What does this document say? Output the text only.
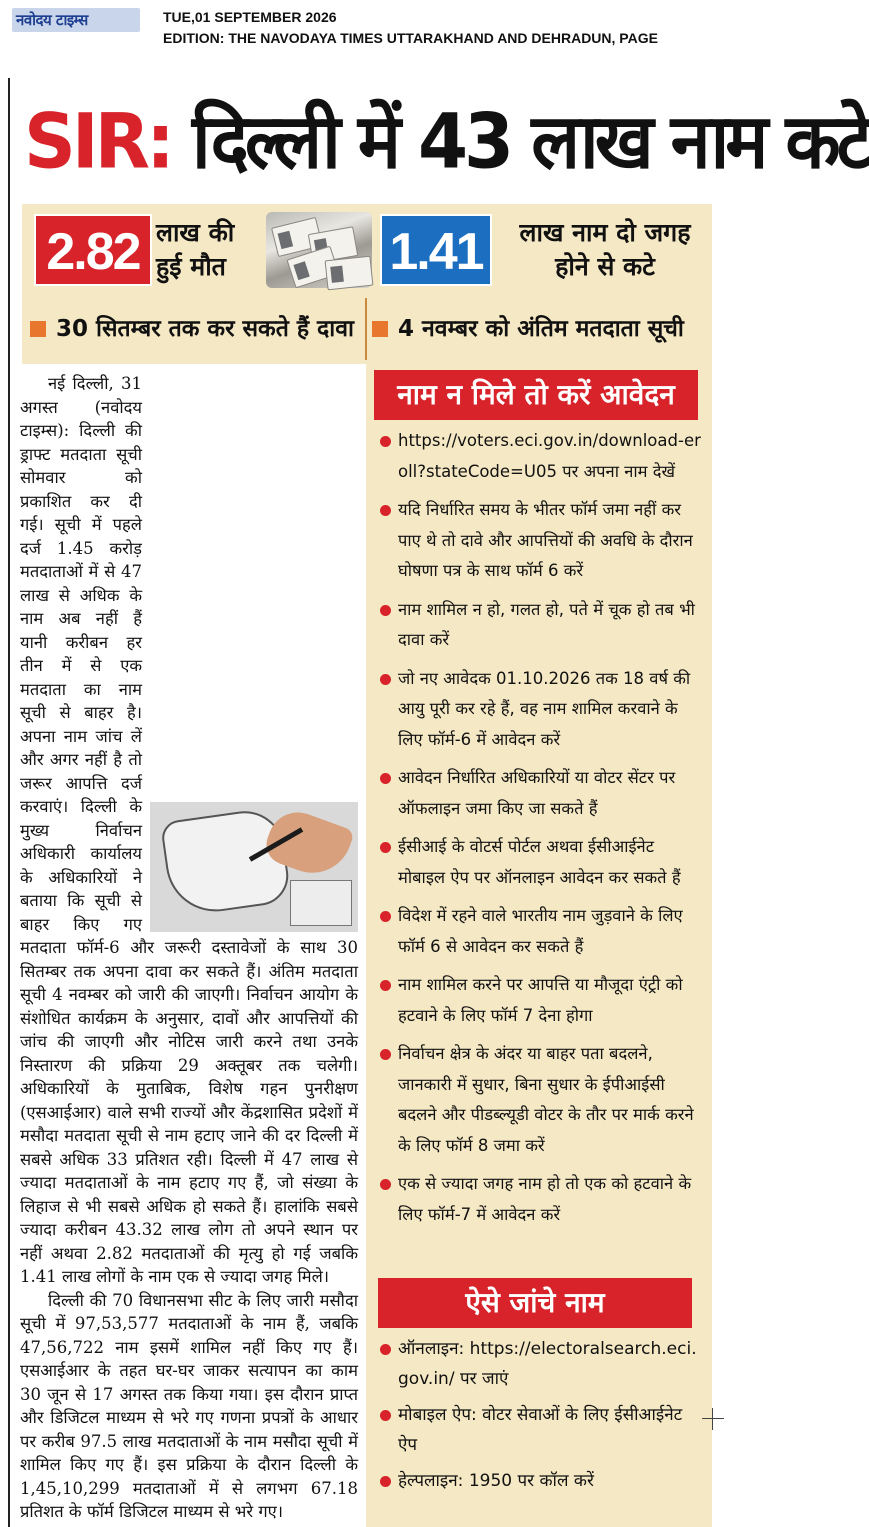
नवोदय टाइम्स	TUE,01 SEPTEMBER 2026
EDITION: THE NAVODAYA TIMES UTTARAKHAND AND DEHRADUN, PAGE
SIR: दिल्ली में 43 लाख नाम कटे
2.82 लाख की हुई मौत	1.41	लाख नाम दो जगह होने से कटे
30 सितम्बर तक कर सकते हैं दावा	4 नवम्बर को अंतिम मतदाता सूची

नई दिल्ली, 31 अगस्त (नवोदय टाइम्स): दिल्ली की ड्राफ्ट मतदाता सूची सोमवार को प्रकाशित कर दी गई। सूची में पहले दर्ज 1.45 करोड़ मतदाताओं में से 47 लाख से अधिक के नाम अब नहीं हैं यानी करीबन हर तीन में से एक मतदाता का नाम सूची से बाहर है। अपना नाम जांच लें और अगर नहीं है तो जरूर आपत्ति दर्ज करवाएं। दिल्ली के मुख्य निर्वाचन अधिकारी कार्यालय के अधिकारियों ने बताया कि सूची से बाहर किए गए मतदाता फॉर्म-6 और जरूरी दस्तावेजों के साथ 30 सितम्बर तक अपना दावा कर सकते हैं। अंतिम मतदाता सूची 4 नवम्बर को जारी की जाएगी। निर्वाचन आयोग के संशोधित कार्यक्रम के अनुसार, दावों और आपत्तियों की जांच की जाएगी और नोटिस जारी करने तथा उनके निस्तारण की प्रक्रिया 29 अक्तूबर तक चलेगी। अधिकारियों के मुताबिक, विशेष गहन पुनरीक्षण (एसआईआर) वाले सभी राज्यों और केंद्रशासित प्रदेशों में मसौदा मतदाता सूची से नाम हटाए जाने की दर दिल्ली में सबसे अधिक 33 प्रतिशत रही। दिल्ली में 47 लाख से ज्यादा मतदाताओं के नाम हटाए गए हैं, जो संख्या के लिहाज से भी सबसे अधिक हो सकते हैं। हालांकि सबसे ज्यादा करीबन 43.32 लाख लोग तो अपने स्थान पर नहीं अथवा 2.82 मतदाताओं की मृत्यु हो गई जबकि 1.41 लाख लोगों के नाम एक से ज्यादा जगह मिले।

दिल्ली की 70 विधानसभा सीट के लिए जारी मसौदा सूची में 97,53,577 मतदाताओं के नाम हैं, जबकि 47,56,722 नाम इसमें शामिल नहीं किए गए हैं। एसआईआर के तहत घर-घर जाकर सत्यापन का काम 30 जून से 17 अगस्त तक किया गया। इस दौरान प्राप्त और डिजिटल माध्यम से भरे गए गणना प्रपत्रों के आधार पर करीब 97.5 लाख मतदाताओं के नाम मसौदा सूची में शामिल किए गए हैं। इस प्रक्रिया के दौरान दिल्ली के 1,45,10,299 मतदाताओं में से लगभग 67.18 प्रतिशत के फॉर्म डिजिटल माध्यम से भरे गए।

नाम न मिले तो करें आवेदन
https://voters.eci.gov.in/download-eroll?stateCode=U05 पर अपना नाम देखें
यदि निर्धारित समय के भीतर फॉर्म जमा नहीं कर पाए थे तो दावे और आपत्तियों की अवधि के दौरान घोषणा पत्र के साथ फॉर्म 6 करें
नाम शामिल न हो, गलत हो, पते में चूक हो तब भी दावा करें
जो नए आवेदक 01.10.2026 तक 18 वर्ष की आयु पूरी कर रहे हैं, वह नाम शामिल करवाने के लिए फॉर्म-6 में आवेदन करें
आवेदन निर्धारित अधिकारियों या वोटर सेंटर पर ऑफलाइन जमा किए जा सकते हैं
ईसीआई के वोटर्स पोर्टल अथवा ईसीआईनेट मोबाइल ऐप पर ऑनलाइन आवेदन कर सकते हैं
विदेश में रहने वाले भारतीय नाम जुड़वाने के लिए फॉर्म 6 से आवेदन कर सकते हैं
नाम शामिल करने पर आपत्ति या मौजूदा एंट्री को हटवाने के लिए फॉर्म 7 देना होगा
निर्वाचन क्षेत्र के अंदर या बाहर पता बदलने, जानकारी में सुधार, बिना सुधार के ईपीआईसी बदलने और पीडब्ल्यूडी वोटर के तौर पर मार्क करने के लिए फॉर्म 8 जमा करें
एक से ज्यादा जगह नाम हो तो एक को हटवाने के लिए फॉर्म-7 में आवेदन करें
ऐसे जांचे नाम
ऑनलाइन: https://electoralsearch.eci.gov.in/ पर जाएं
मोबाइल ऐप: वोटर सेवाओं के लिए ईसीआईनेट ऐप
हेल्पलाइन: 1950 पर कॉल करें
